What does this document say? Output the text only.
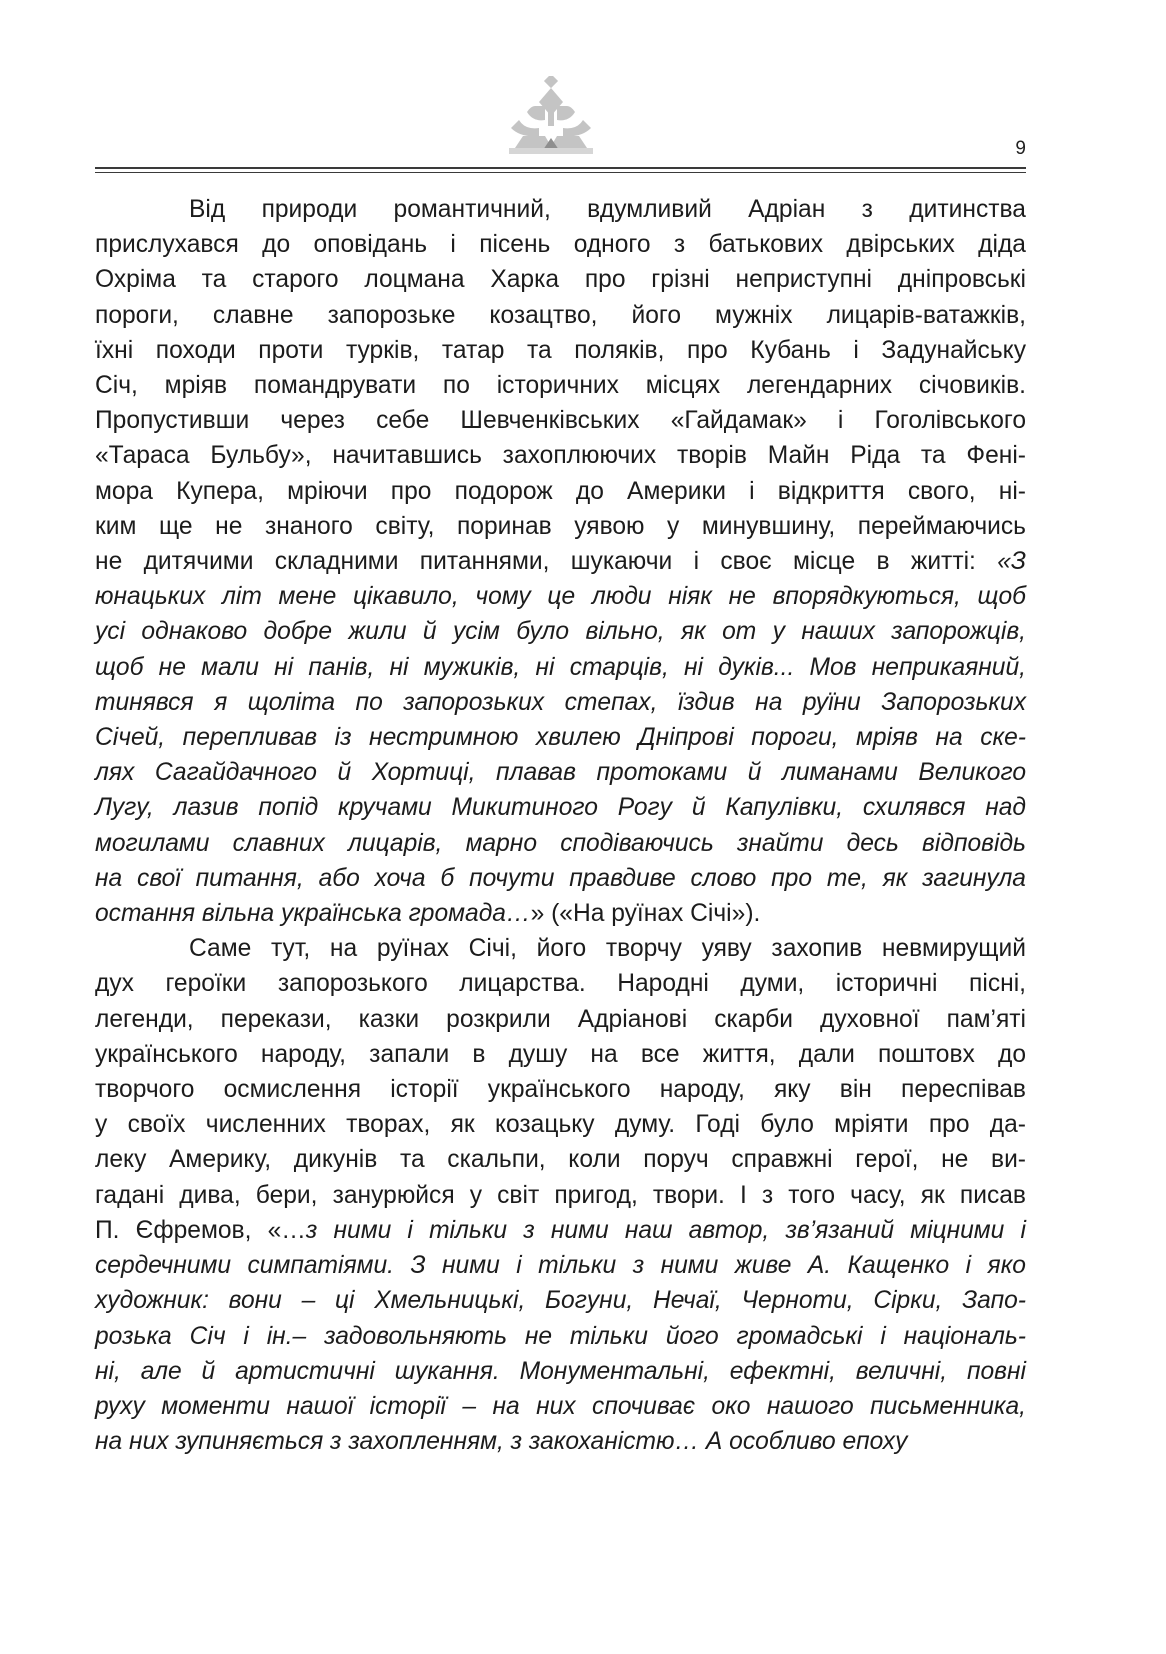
9
Від природи романтичний, вдумливий Адріан з дитинства
прислухався до оповідань і пісень одного з батькових двірських діда
Охріма та старого лоцмана Харка про грізні неприступні дніпровські
пороги, славне запорозьке козацтво, його мужніх лицарів-ватажків,
їхні походи проти турків, татар та поляків, про Кубань і Задунайську
Січ, мріяв помандрувати по історичних місцях легендарних січовиків.
Пропустивши через себе Шевченківських «Гайдамак» і Гоголівського
«Тараса Бульбу», начитавшись захоплюючих творів Майн Ріда та Фені-
мора Купера, мріючи про подорож до Америки і відкриття свого, ні-
ким ще не знаного світу, поринав уявою у минувшину, переймаючись
не дитячими складними питаннями, шукаючи і своє місце в житті: «З
юнацьких літ мене цікавило, чому це люди ніяк не впорядкуються, щоб
усі однаково добре жили й усім було вільно, як от у наших запорожців,
щоб не мали ні панів, ні мужиків, ні старців, ні дуків... Мов неприкаяний,
тинявся я щоліта по запорозьких степах, їздив на руїни Запорозьких
Січей, перепливав із нестримною хвилею Дніпрові пороги, мріяв на ске-
лях Сагайдачного й Хортиці, плавав протоками й лиманами Великого
Лугу, лазив попід кручами Микитиного Рогу й Капулівки, схилявся над
могилами славних лицарів, марно сподіваючись знайти десь відповідь
на свої питання, або хоча б почути правдиве слово про те, як загинула
остання вільна українська громада…» («На руїнах Січі»).
Саме тут, на руїнах Січі, його творчу уяву захопив невмирущий
дух героїки запорозького лицарства. Народні думи, історичні пісні,
легенди, перекази, казки розкрили Адріанові скарби духовної пам’яті
українського народу, запали в душу на все життя, дали поштовх до
творчого осмислення історії українського народу, яку він переспівав
у своїх численних творах, як козацьку думу. Годі було мріяти про да-
леку Америку, дикунів та скальпи, коли поруч справжні герої, не ви-
гадані дива, бери, занурюйся у світ пригод, твори. І з того часу, як писав
П. Єфремов, «…з ними і тільки з ними наш автор, зв’язаний міцними і
сердечними симпатіями. З ними і тільки з ними живе А. Кащенко і яко
художник: вони – ці Хмельницькі, Богуни, Нечаї, Черноти, Сірки, Запо-
розька Січ і ін.– задовольняють не тільки його громадські і національ-
ні, але й артистичні шукання. Монументальні, ефектні, величні, повні
руху моменти нашої історії – на них спочиває око нашого письменника,
на них зупиняється з захопленням, з закоханістю… А особливо епоху
